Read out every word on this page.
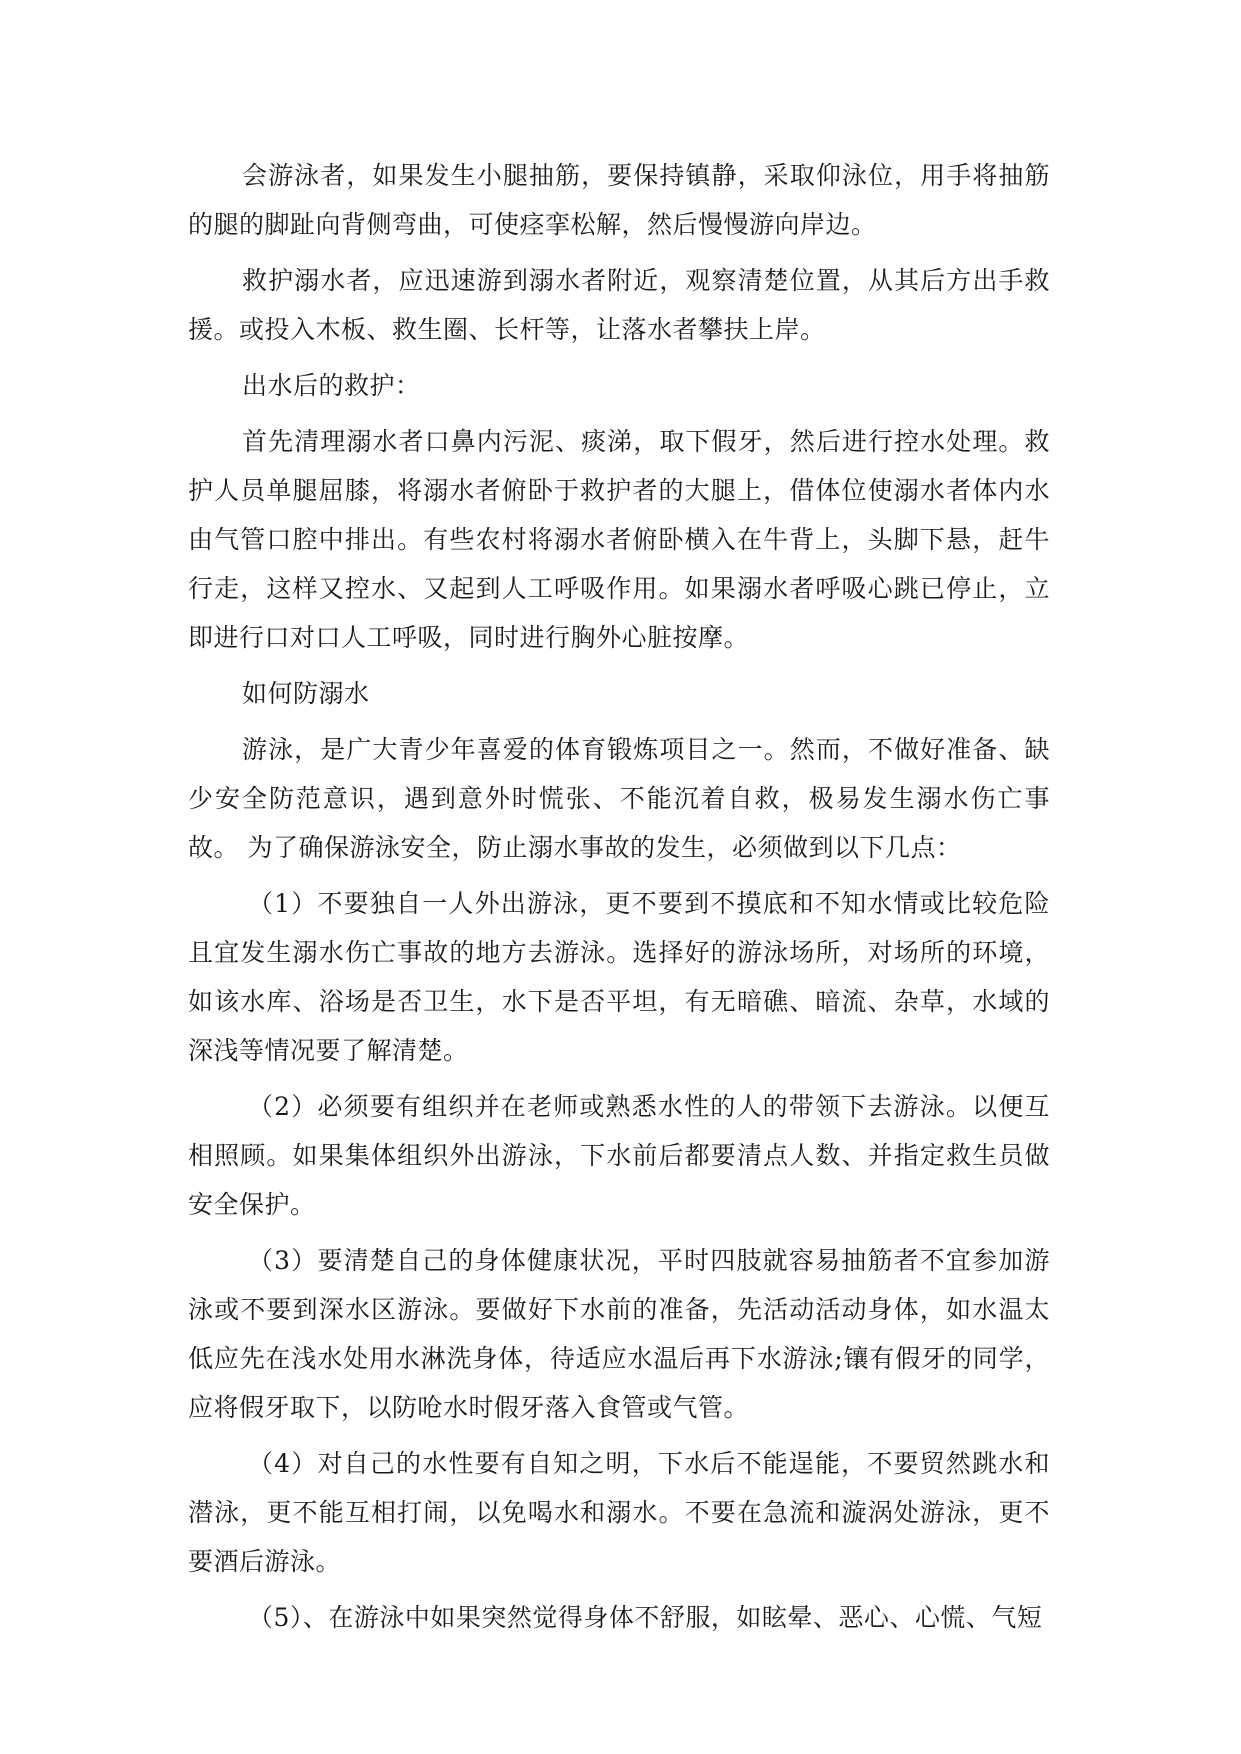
会游泳者，如果发生小腿抽筋，要保持镇静，采取仰泳位，用手将抽筋的腿的脚趾向背侧弯曲，可使痉挛松解，然后慢慢游向岸边。

救护溺水者，应迅速游到溺水者附近，观察清楚位置，从其后方出手救援。或投入木板、救生圈、长杆等，让落水者攀扶上岸。

出水后的救护：

首先清理溺水者口鼻内污泥、痰涕，取下假牙，然后进行控水处理。救护人员单腿屈膝，将溺水者俯卧于救护者的大腿上，借体位使溺水者体内水由气管口腔中排出。有些农村将溺水者俯卧横入在牛背上，头脚下悬，赶牛行走，这样又控水、又起到人工呼吸作用。如果溺水者呼吸心跳已停止，立即进行口对口人工呼吸，同时进行胸外心脏按摩。

如何防溺水

游泳，是广大青少年喜爱的体育锻炼项目之一。然而，不做好准备、缺少安全防范意识，遇到意外时慌张、不能沉着自救，极易发生溺水伤亡事故。 为了确保游泳安全，防止溺水事故的发生，必须做到以下几点：

（1）不要独自一人外出游泳，更不要到不摸底和不知水情或比较危险且宜发生溺水伤亡事故的地方去游泳。选择好的游泳场所，对场所的环境，如该水库、浴场是否卫生，水下是否平坦，有无暗礁、暗流、杂草，水域的深浅等情况要了解清楚。

（2）必须要有组织并在老师或熟悉水性的人的带领下去游泳。以便互相照顾。如果集体组织外出游泳，下水前后都要清点人数、并指定救生员做安全保护。

（3）要清楚自己的身体健康状况，平时四肢就容易抽筋者不宜参加游泳或不要到深水区游泳。要做好下水前的准备，先活动活动身体，如水温太低应先在浅水处用水淋洗身体，待适应水温后再下水游泳;镶有假牙的同学，应将假牙取下，以防呛水时假牙落入食管或气管。

（4）对自己的水性要有自知之明，下水后不能逞能，不要贸然跳水和潜泳，更不能互相打闹，以免喝水和溺水。不要在急流和漩涡处游泳，更不要酒后游泳。

（5）、在游泳中如果突然觉得身体不舒服，如眩晕、恶心、心慌、气短
